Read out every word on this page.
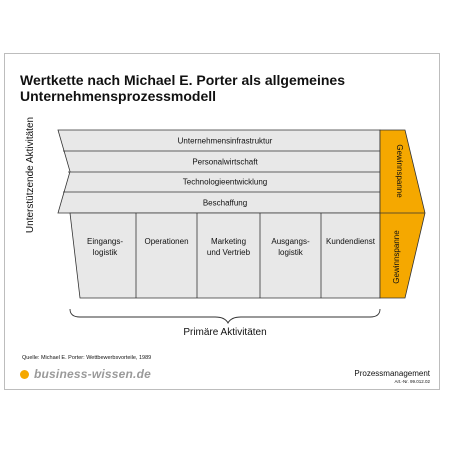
Wertkette nach Michael E. Porter als allgemeines Unternehmensprozessmodell
Unternehmensinfrastruktur
Personalwirtschaft
Technologieentwicklung
Beschaffung
Eingangs-
logistik
Operationen	Marketing
und Vertrieb
Ausgangs-
logistik
Kundendienst
Gewinnspanne
Gewinnspanne
Unterstützende Aktivitäten
Primäre Aktivitäten
Quelle: Michael E. Porter: Wettbewerbsvorteile, 1989
business-wissen.de	Prozessmanagement
Art.-Nr. 99.012.02
